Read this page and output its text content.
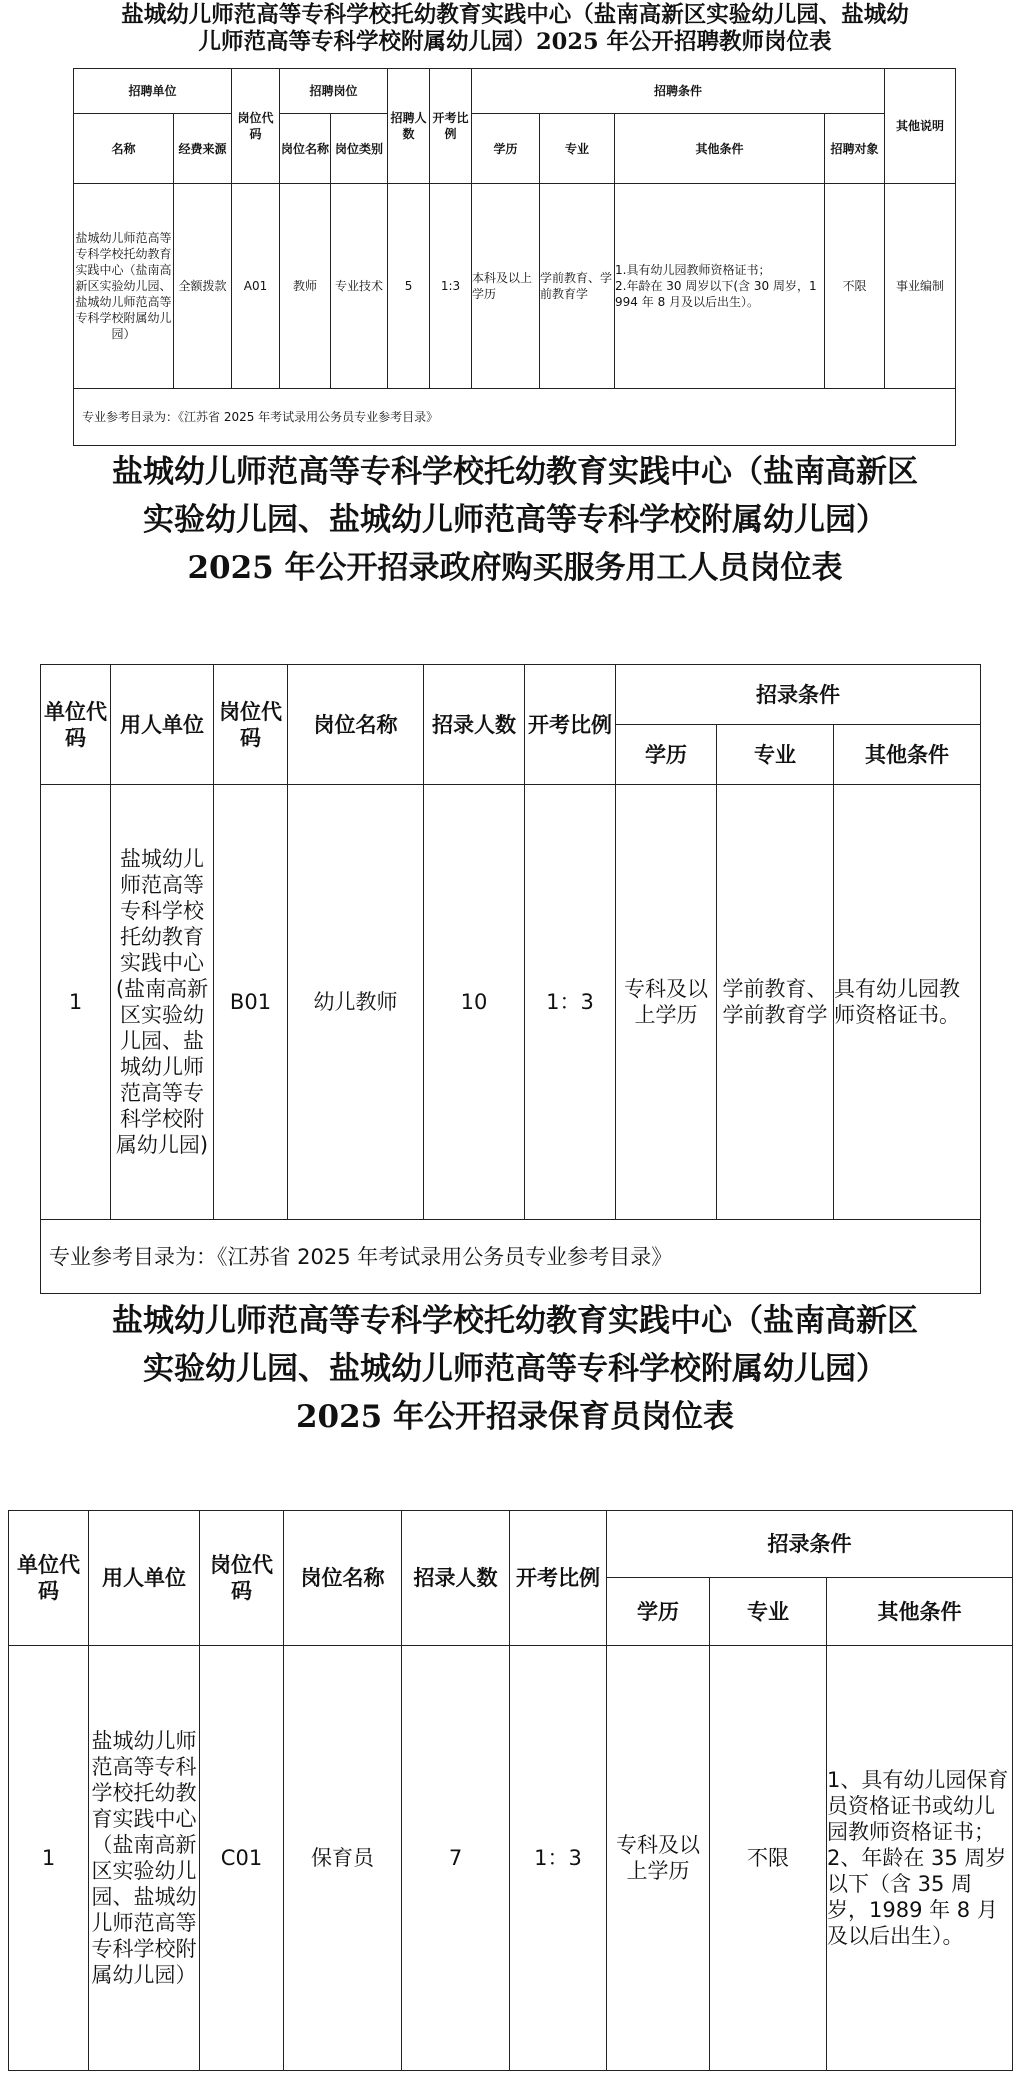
盐城幼儿师范高等专科学校托幼教育实践中心（盐南高新区实验幼儿园、盐城幼
儿师范高等专科学校附属幼儿园）2025 年公开招聘教师岗位表
招聘单位		岗位代码	招聘岗位		招聘人数	开考比例	招聘条件				其他说明
名称	经费来源		岗位名称	岗位类别			学历	专业	其他条件	招聘对象	
盐城幼儿师范高等专科学校托幼教育实践中心（盐南高新区实验幼儿园、盐城幼儿师范高等专科学校附属幼儿园）	全额拨款	A01	教师	专业技术	5	1:3	本科及以上学历	学前教育、学前教育学	1.具有幼儿园教师资格证书；
2.年龄在 30 周岁以下(含 30 周岁，1994 年 8 月及以后出生）。	不限	事业编制
专业参考目录为：《江苏省 2025 年考试录用公务员专业参考目录》											
盐城幼儿师范高等专科学校托幼教育实践中心（盐南高新区
实验幼儿园、盐城幼儿师范高等专科学校附属幼儿园）
2025 年公开招录政府购买服务用工人员岗位表
单位代码	用人单位	岗位代码	岗位名称	招录人数	开考比例	招录条件		
						学历	专业	其他条件
1	盐城幼儿师范高等专科学校托幼教育实践中心(盐南高新区实验幼儿园、盐城幼儿师范高等专科学校附属幼儿园)	B01	幼儿教师	10	1：3	专科及以上学历	学前教育、学前教育学	具有幼儿园教师资格证书。
专业参考目录为：《江苏省 2025 年考试录用公务员专业参考目录》								
盐城幼儿师范高等专科学校托幼教育实践中心（盐南高新区
实验幼儿园、盐城幼儿师范高等专科学校附属幼儿园）
2025 年公开招录保育员岗位表
单位代码	用人单位	岗位代码	岗位名称	招录人数	开考比例	招录条件		
						学历	专业	其他条件
1	盐城幼儿师范高等专科学校托幼教育实践中心（盐南高新区实验幼儿园、盐城幼儿师范高等专科学校附属幼儿园）	C01	保育员	7	1：3	专科及以上学历	不限	1、具有幼儿园保育员资格证书或幼儿园教师资格证书；
2、年龄在 35 周岁以下（含 35 周岁，1989 年 8 月及以后出生）。
